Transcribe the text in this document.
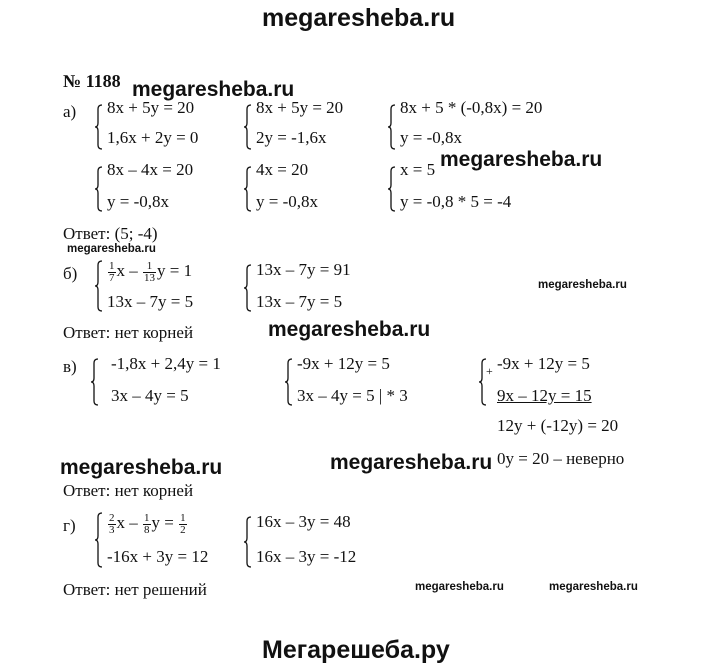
megaresheba.ru
megaresheba.ru
megaresheba.ru
megaresheba.ru
megaresheba.ru
megaresheba.ru
megaresheba.ru	megaresheba.ru
megaresheba.ru	megaresheba.ru
Мегарешеба.ру
№ 1188
а) 8x + 5y = 20
1,6x + 2y = 0
8x + 5y = 20
2y = -1,6x
8x + 5 * (-0,8x) = 20
y = -0,8x
8x – 4x = 20
y = -0,8x
4x = 20
y = -0,8x
x = 5
y = -0,8 * 5 = -4
Ответ: (5; -4)
б)	$\frac{1}{7}$ x – $\frac{1}{13}$ y = 1
13x – 7y = 5
13x – 7y = 91
13x – 7y = 5
Ответ: нет корней
в) -1,8x + 2,4y = 1
3x – 4y = 5
-9x + 12y = 5
3x – 4y = 5 | * 3
+ -9x + 12y = 5
9x – 12y = 15
12y + (-12y) = 20
0y = 20 – неверно
Ответ: нет корней
г)	$\frac{2}{3}$ x – $\frac{1}{8}$ $y = \frac{1}{2}$
-16x + 3y = 12
16x – 3y = 48
16x – 3y = -12
Ответ: нет решений
